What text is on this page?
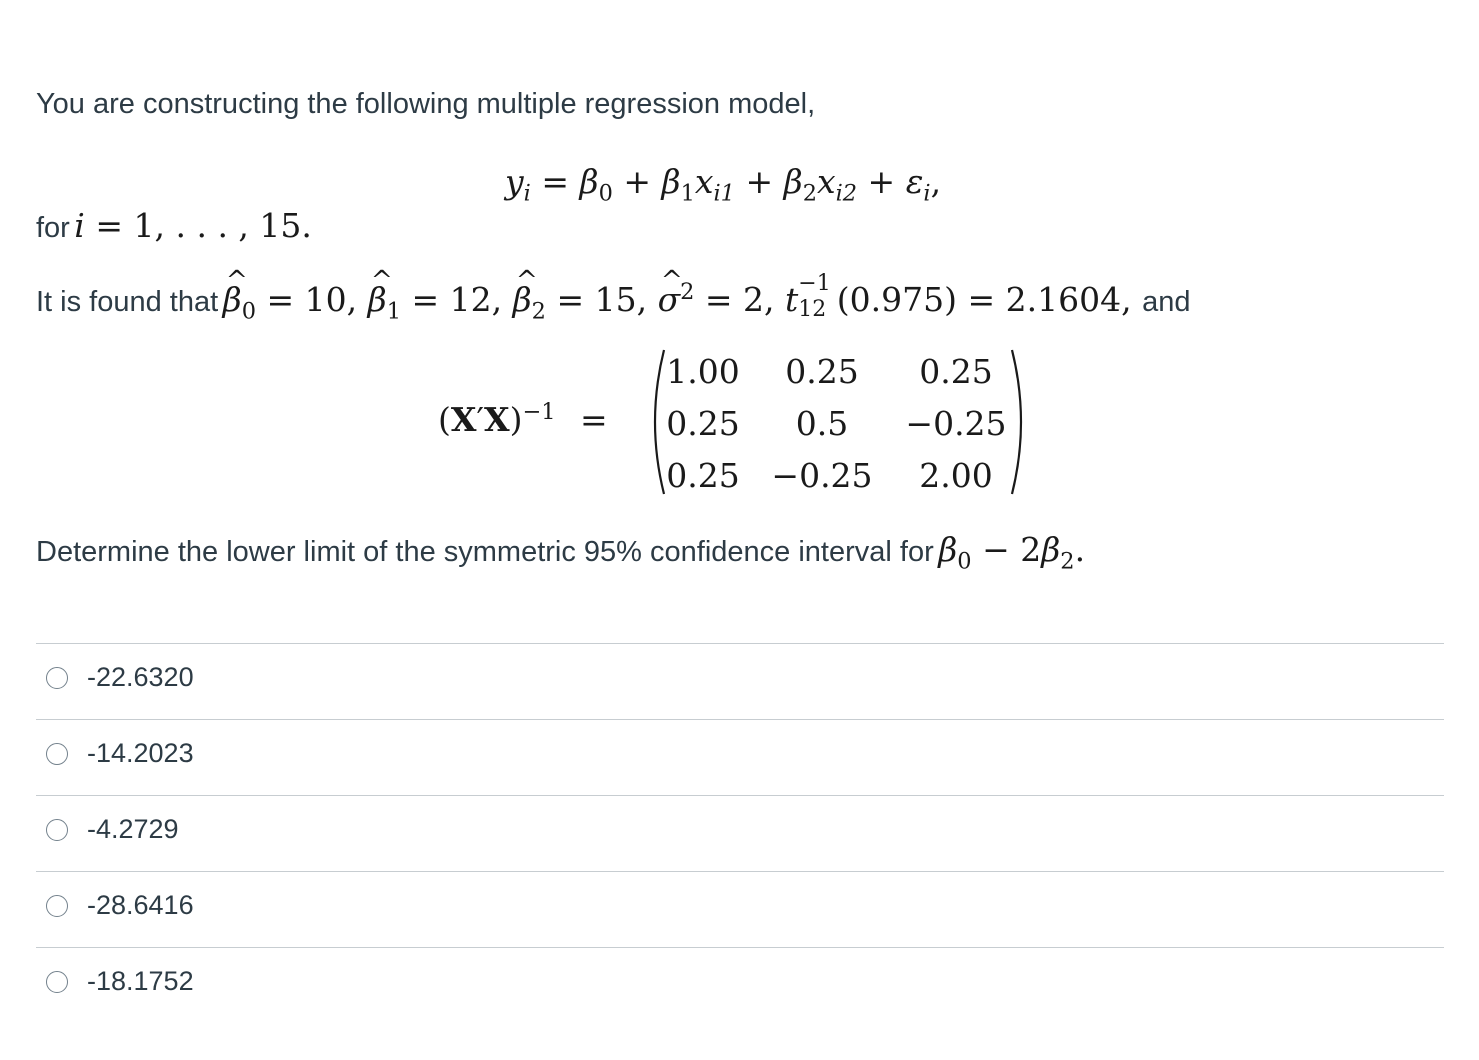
You are constructing the following multiple regression model,
$y_i = \beta_0 + \beta_1x_{i1} + \beta_2x_{i2} + \varepsilon_i$,
for i = 1, . . . , 15.
It is found that ^ $\beta_0 = 10$, ^ $\beta_1 = 12$, ^ $\beta_2 = 15$, ^ $\sigma^2 = 2$, t −1
12 (0.975) = 2.1604, and
$(X'X)^{-1}$ =
1.00	0.25	0.25
0.25	0.5	−0.25
0.25 −0.25	2.00
Determine the lower limit of the symmetric 95% confidence interval for $\beta_0 - 2\beta_2$.
-22.6320
-14.2023
-4.2729
-28.6416
-18.1752
